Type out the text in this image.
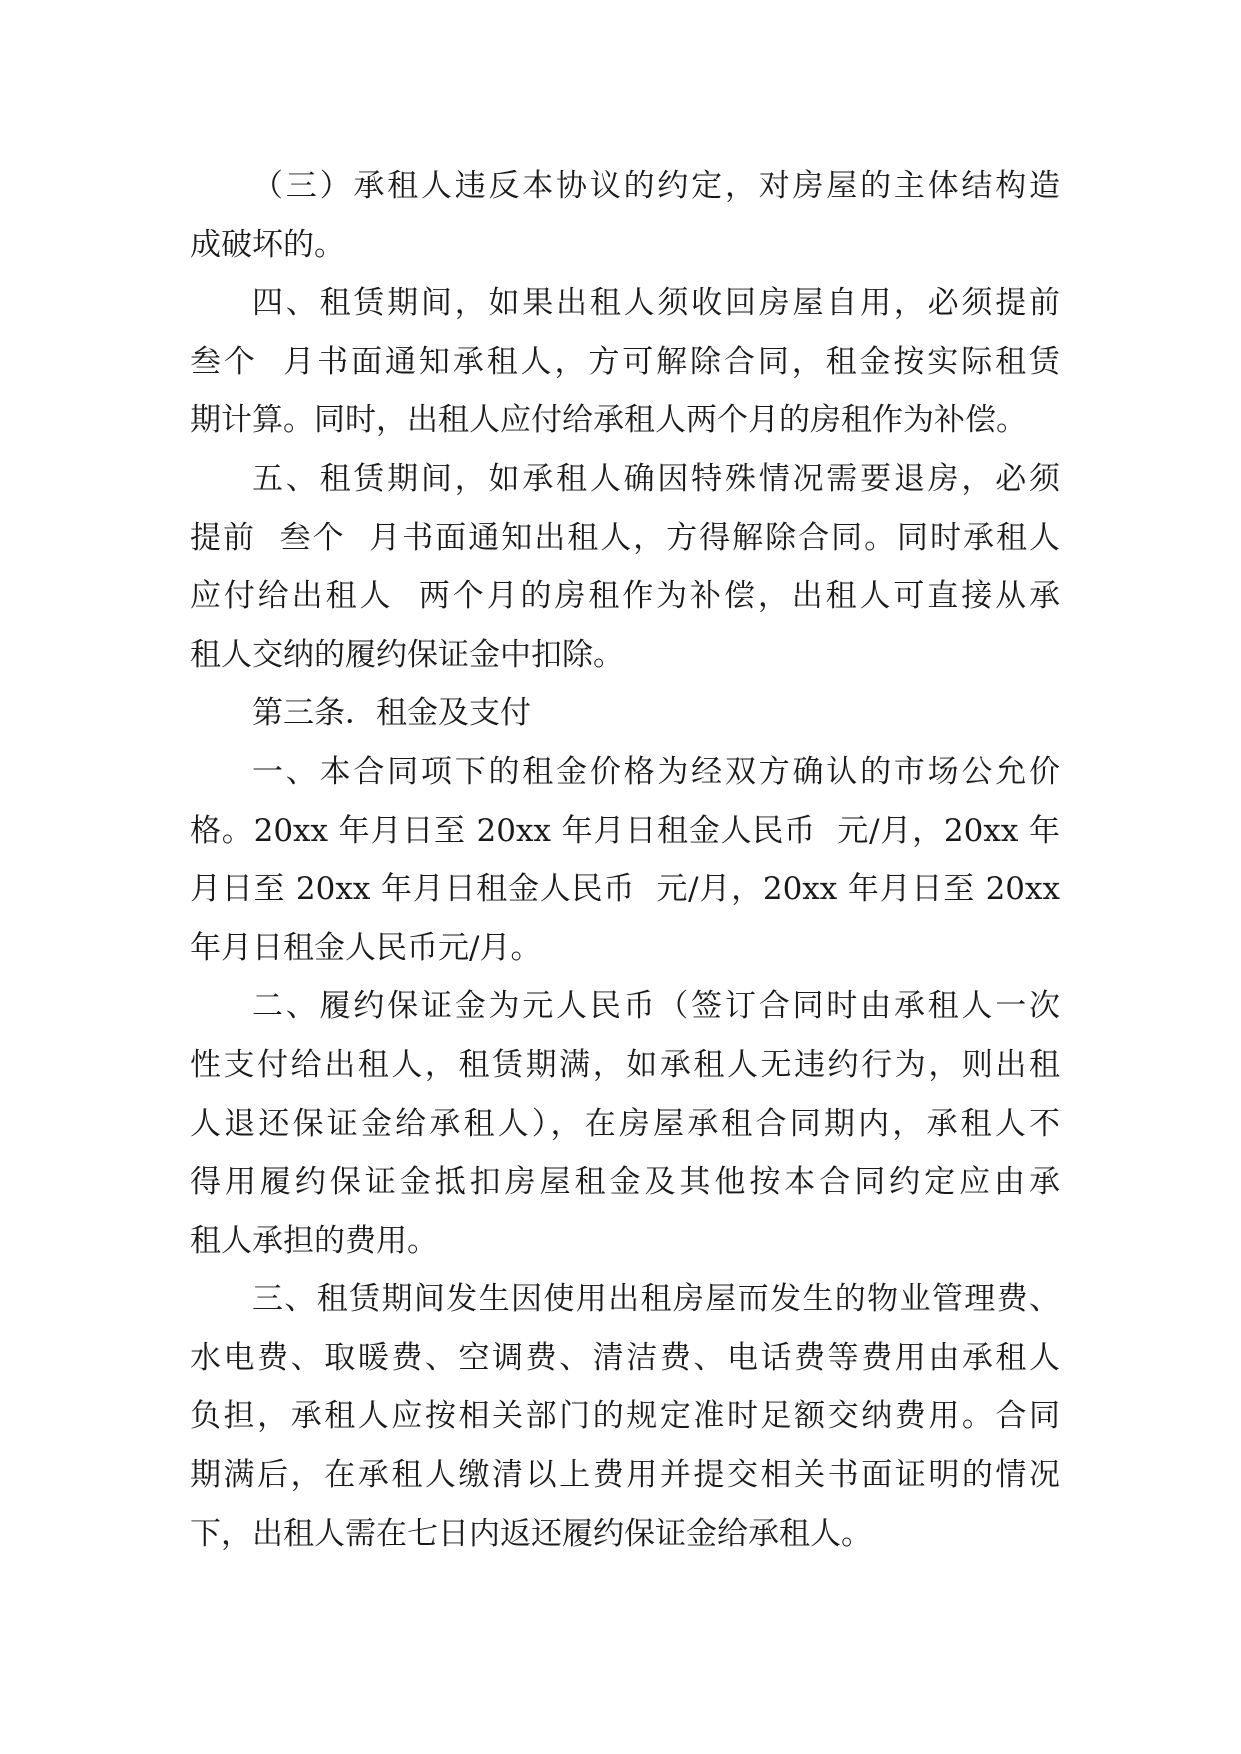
（三）承租人违反本协议的约定，对房屋的主体结构造
成破坏的。
四、租赁期间，如果出租人须收回房屋自用，必须提前
叁个  月书面通知承租人，方可解除合同，租金按实际租赁
期计算。同时，出租人应付给承租人两个月的房租作为补偿。
五、租赁期间，如承租人确因特殊情况需要退房，必须
提前  叁个  月书面通知出租人，方得解除合同。同时承租人
应付给出租人  两个月的房租作为补偿，出租人可直接从承
租人交纳的履约保证金中扣除。
第三条．租金及支付
一、本合同项下的租金价格为经双方确认的市场公允价
格。20xx 年月日至 20xx 年月日租金人民币  元/月，20xx 年
月日至 20xx 年月日租金人民币  元/月，20xx 年月日至 20xx
年月日租金人民币元/月。
二、履约保证金为元人民币（签订合同时由承租人一次
性支付给出租人，租赁期满，如承租人无违约行为，则出租
人退还保证金给承租人），在房屋承租合同期内，承租人不
得用履约保证金抵扣房屋租金及其他按本合同约定应由承
租人承担的费用。
三、租赁期间发生因使用出租房屋而发生的物业管理费、
水电费、取暖费、空调费、清洁费、电话费等费用由承租人
负担，承租人应按相关部门的规定准时足额交纳费用。合同
期满后，在承租人缴清以上费用并提交相关书面证明的情况
下，出租人需在七日内返还履约保证金给承租人。
